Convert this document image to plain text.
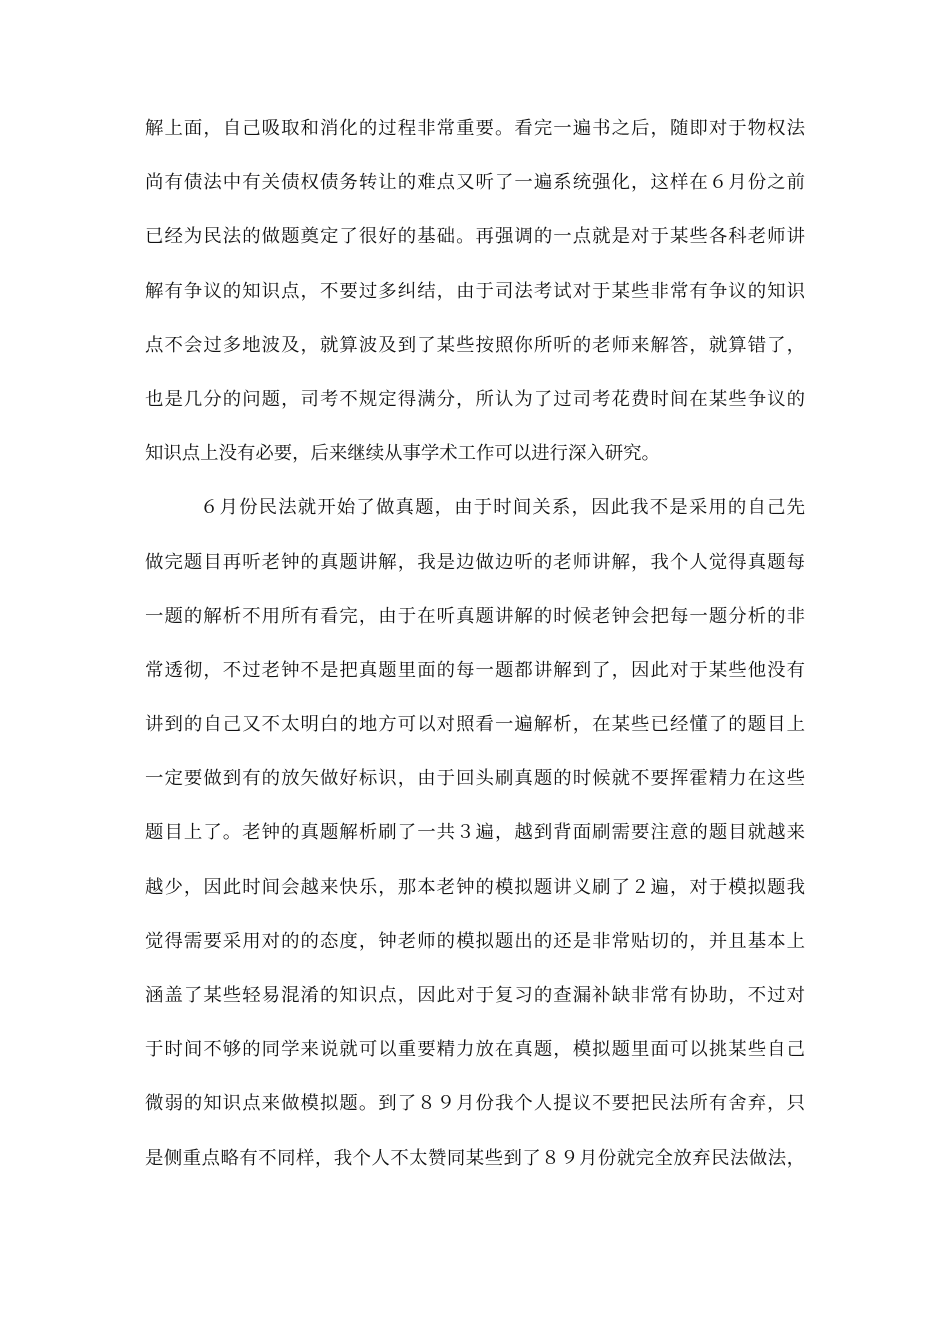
解上面，自己吸取和消化的过程非常重要。看完一遍书之后，随即对于物权法
尚有债法中有关债权债务转让的难点又听了一遍系统强化，这样在６月份之前
已经为民法的做题奠定了很好的基础。再强调的一点就是对于某些各科老师讲
解有争议的知识点，不要过多纠结，由于司法考试对于某些非常有争议的知识
点不会过多地波及，就算波及到了某些按照你所听的老师来解答，就算错了，
也是几分的问题，司考不规定得满分，所认为了过司考花费时间在某些争议的
知识点上没有必要，后来继续从事学术工作可以进行深入研究。
６月份民法就开始了做真题，由于时间关系，因此我不是采用的自己先
做完题目再听老钟的真题讲解，我是边做边听的老师讲解，我个人觉得真题每
一题的解析不用所有看完，由于在听真题讲解的时候老钟会把每一题分析的非
常透彻，不过老钟不是把真题里面的每一题都讲解到了，因此对于某些他没有
讲到的自己又不太明白的地方可以对照看一遍解析，在某些已经懂了的题目上
一定要做到有的放矢做好标识，由于回头刷真题的时候就不要挥霍精力在这些
题目上了。老钟的真题解析刷了一共３遍，越到背面刷需要注意的题目就越来
越少，因此时间会越来快乐，那本老钟的模拟题讲义刷了２遍，对于模拟题我
觉得需要采用对的的态度，钟老师的模拟题出的还是非常贴切的，并且基本上
涵盖了某些轻易混淆的知识点，因此对于复习的查漏补缺非常有协助，不过对
于时间不够的同学来说就可以重要精力放在真题，模拟题里面可以挑某些自己
微弱的知识点来做模拟题。到了８９月份我个人提议不要把民法所有舍弃，只
是侧重点略有不同样，我个人不太赞同某些到了８９月份就完全放弃民法做法，
